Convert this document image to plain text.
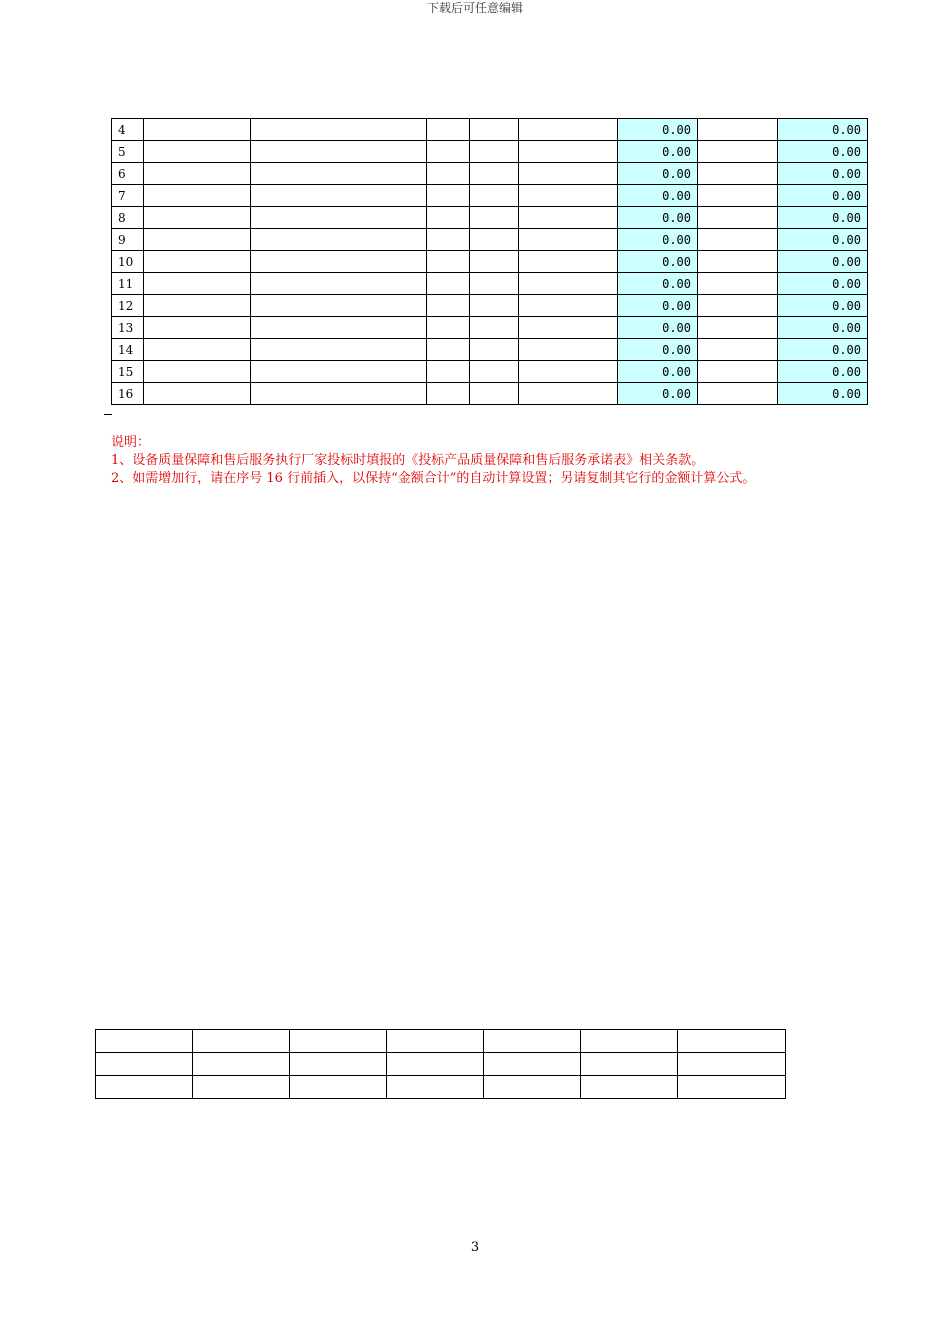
下载后可任意编辑
4						0.00		0.00
5						0.00		0.00
6						0.00		0.00
7						0.00		0.00
8						0.00		0.00
9						0.00		0.00
10						0.00		0.00
11						0.00		0.00
12						0.00		0.00
13						0.00		0.00
14						0.00		0.00
15						0.00		0.00
16						0.00		0.00
说明：
1、设备质量保障和售后服务执行厂家投标时填报的《投标产品质量保障和售后服务承诺表》相关条款。
2、如需增加行，请在序号 16 行前插入，以保持“金额合计”的自动计算设置；另请复制其它行的金额计算公式。

3
